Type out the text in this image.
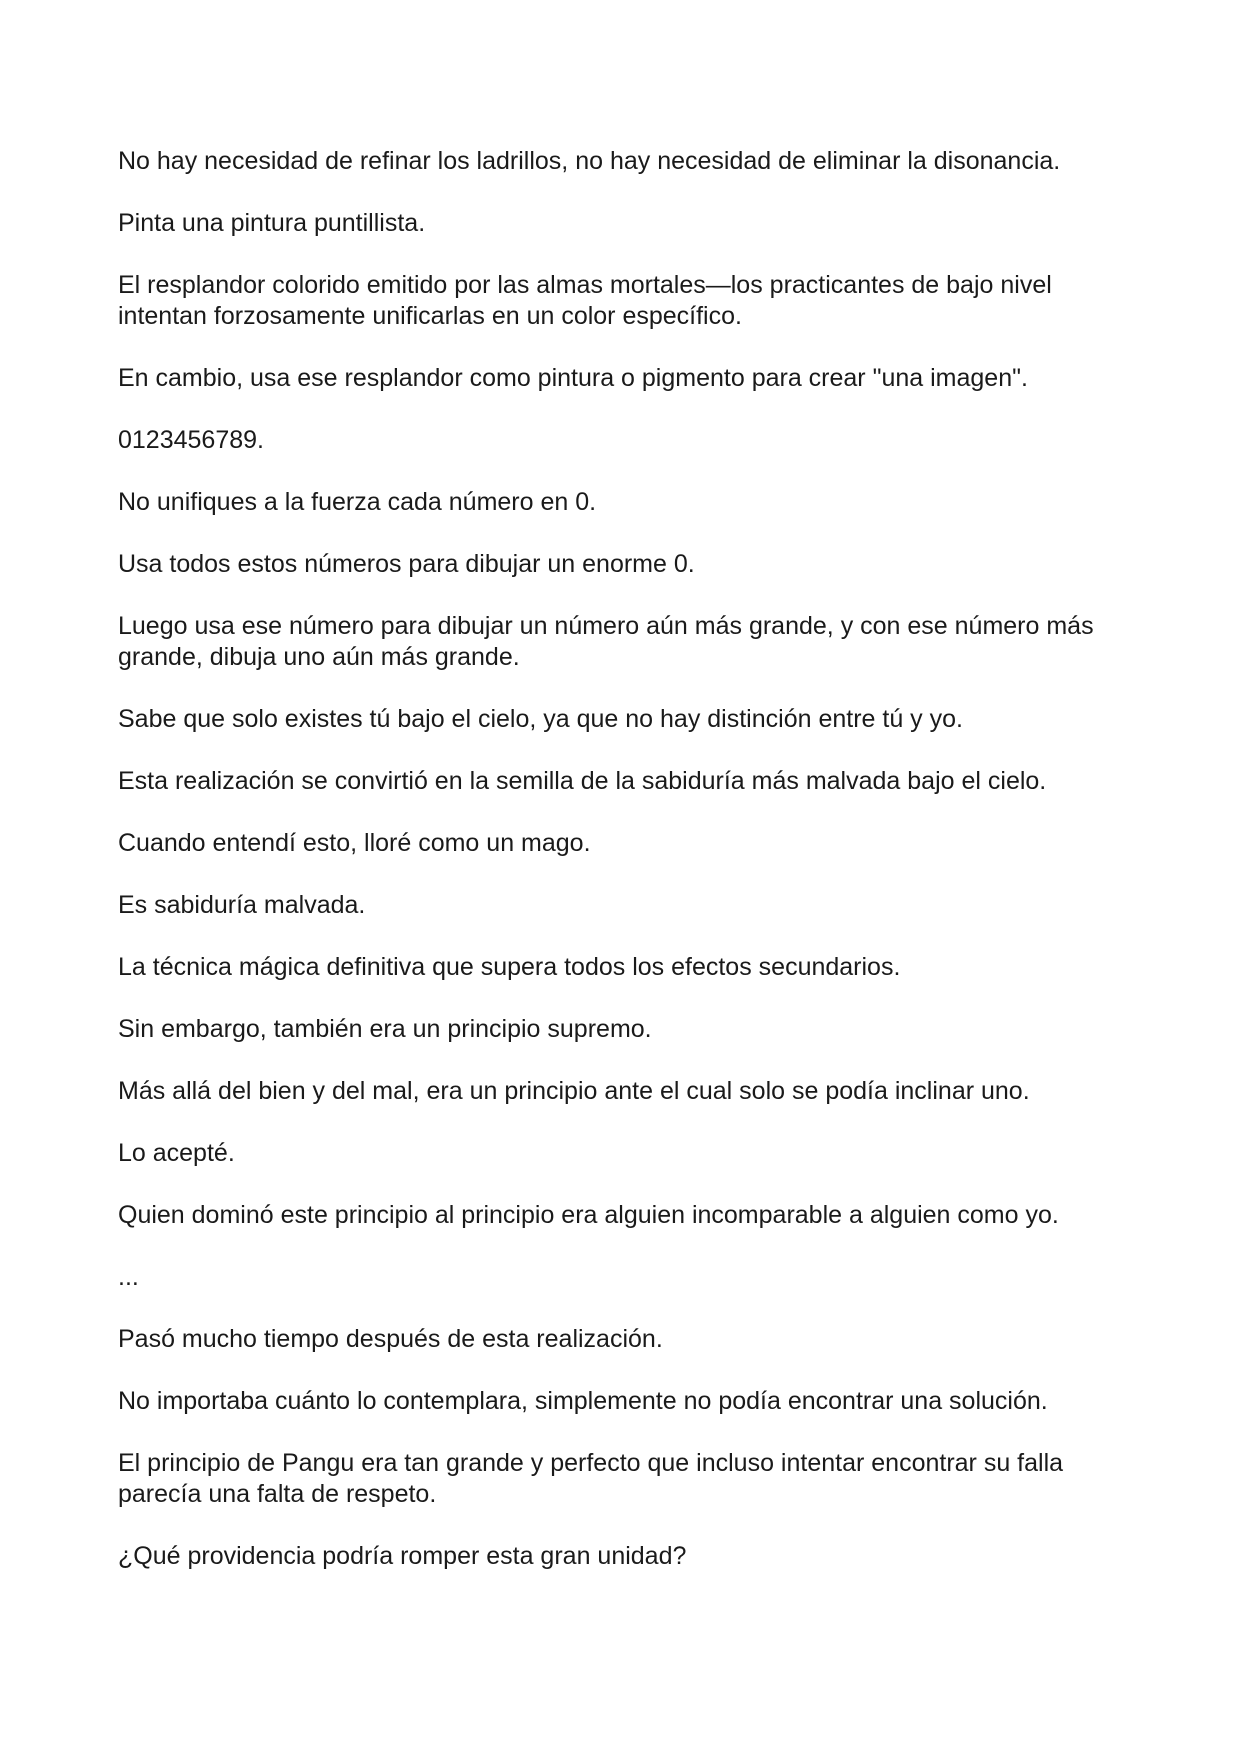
No hay necesidad de refinar los ladrillos, no hay necesidad de eliminar la disonancia.

Pinta una pintura puntillista.

El resplandor colorido emitido por las almas mortales—los practicantes de bajo nivel intentan forzosamente unificarlas en un color específico.

En cambio, usa ese resplandor como pintura o pigmento para crear "una imagen".

0123456789.

No unifiques a la fuerza cada número en 0.

Usa todos estos números para dibujar un enorme 0.

Luego usa ese número para dibujar un número aún más grande, y con ese número más grande, dibuja uno aún más grande.

Sabe que solo existes tú bajo el cielo, ya que no hay distinción entre tú y yo.

Esta realización se convirtió en la semilla de la sabiduría más malvada bajo el cielo.

Cuando entendí esto, lloré como un mago.

Es sabiduría malvada.

La técnica mágica definitiva que supera todos los efectos secundarios.

Sin embargo, también era un principio supremo.

Más allá del bien y del mal, era un principio ante el cual solo se podía inclinar uno.

Lo acepté.

Quien dominó este principio al principio era alguien incomparable a alguien como yo.

...

Pasó mucho tiempo después de esta realización.

No importaba cuánto lo contemplara, simplemente no podía encontrar una solución.

El principio de Pangu era tan grande y perfecto que incluso intentar encontrar su falla parecía una falta de respeto.

¿Qué providencia podría romper esta gran unidad?
